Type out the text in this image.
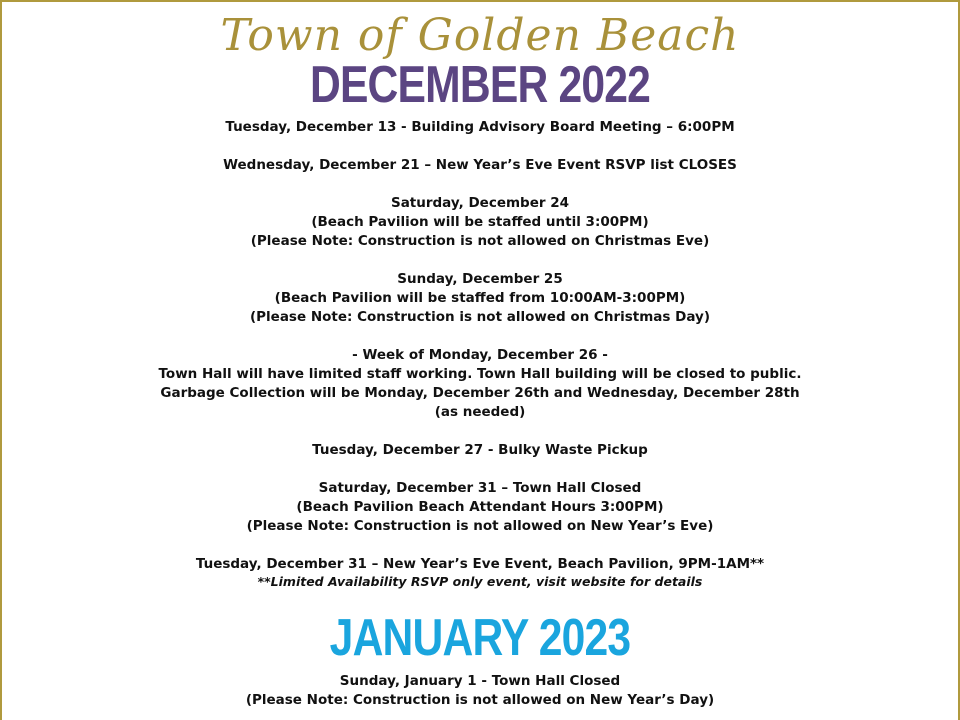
Town of Golden Beach
DECEMBER 2022
Tuesday, December 13 - Building Advisory Board Meeting – 6:00PM
Wednesday, December 21 – New Year’s Eve Event RSVP list CLOSES
Saturday, December 24
(Beach Pavilion will be staffed until 3:00PM)
(Please Note: Construction is not allowed on Christmas Eve)
Sunday, December 25
(Beach Pavilion will be staffed from 10:00AM-3:00PM)
(Please Note: Construction is not allowed on Christmas Day)
- Week of Monday, December 26 -
Town Hall will have limited staff working. Town Hall building will be closed to public.
Garbage Collection will be Monday, December 26th and Wednesday, December 28th
(as needed)
Tuesday, December 27 - Bulky Waste Pickup
Saturday, December 31 – Town Hall Closed
(Beach Pavilion Beach Attendant Hours 3:00PM)
(Please Note: Construction is not allowed on New Year’s Eve)
Tuesday, December 31 – New Year’s Eve Event, Beach Pavilion, 9PM-1AM**
**Limited Availability RSVP only event, visit website for details
JANUARY 2023
Sunday, January 1 - Town Hall Closed
(Please Note: Construction is not allowed on New Year’s Day)
